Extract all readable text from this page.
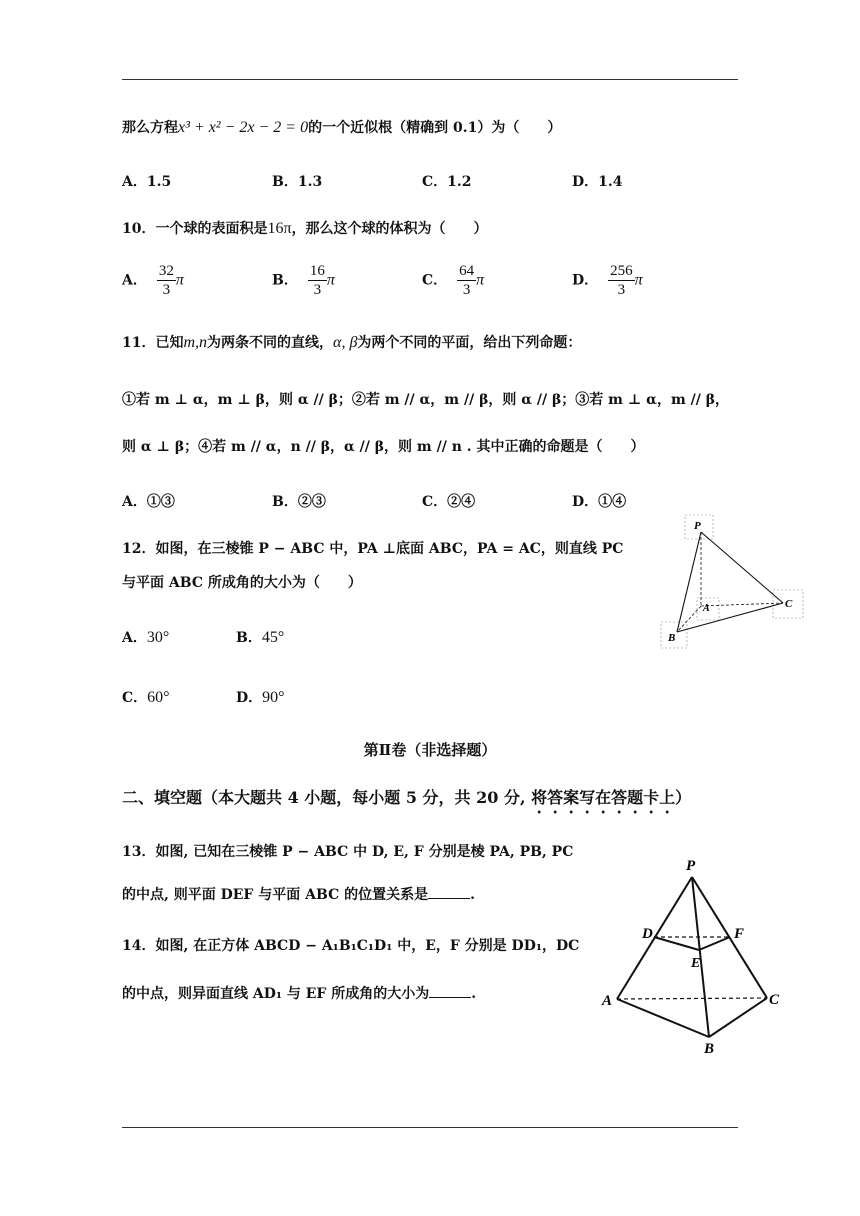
那么方程x³ + x² − 2x − 2 = 0的一个近似根（精确到 0.1）为（　　）
A．1.5	B．1.3	C．1.2	D．1.4
10．一个球的表面积是16π，那么这个球的体积为（　　）
A． $\frac{32}{3}$ π	B． $\frac{16}{3}$ π	C． $\frac{64}{3}$ π	D． $\frac{256}{3}$ π
11．已知m,n为两条不同的直线，α, β为两个不同的平面，给出下列命题：
①若 m ⊥ α，m ⊥ β，则 α // β；②若 m // α，m // β，则 α // β；③若 m ⊥ α，m // β，
则 α ⊥ β；④若 m // α，n // β，α // β，则 m // n . 其中正确的命题是（　　）
A．①③	B．②③	C．②④	D．①④
12．如图，在三棱锥 P − ABC 中，PA ⊥底面 ABC，PA = AC，则直线 PC
与平面 ABC 所成角的大小为（　　）
A．30°	B．45°
C．60°	D．90°
P
A
B
C
第Ⅱ卷（非选择题）
二、填空题（本大题共 4 小题，每小题 5 分，共 20 分, 将答案写在答题卡上）
13．如图, 已知在三棱锥 P − ABC 中 D, E, F 分别是棱 PA, PB, PC
的中点, 则平面 DEF 与平面 ABC 的位置关系是	.
14．如图, 在正方体 ABCD − A₁B₁C₁D₁ 中，E，F 分别是 DD₁，DC
的中点，则异面直线 AD₁ 与 EF 所成角的大小为	.
P
D
E
F
A
B
C
